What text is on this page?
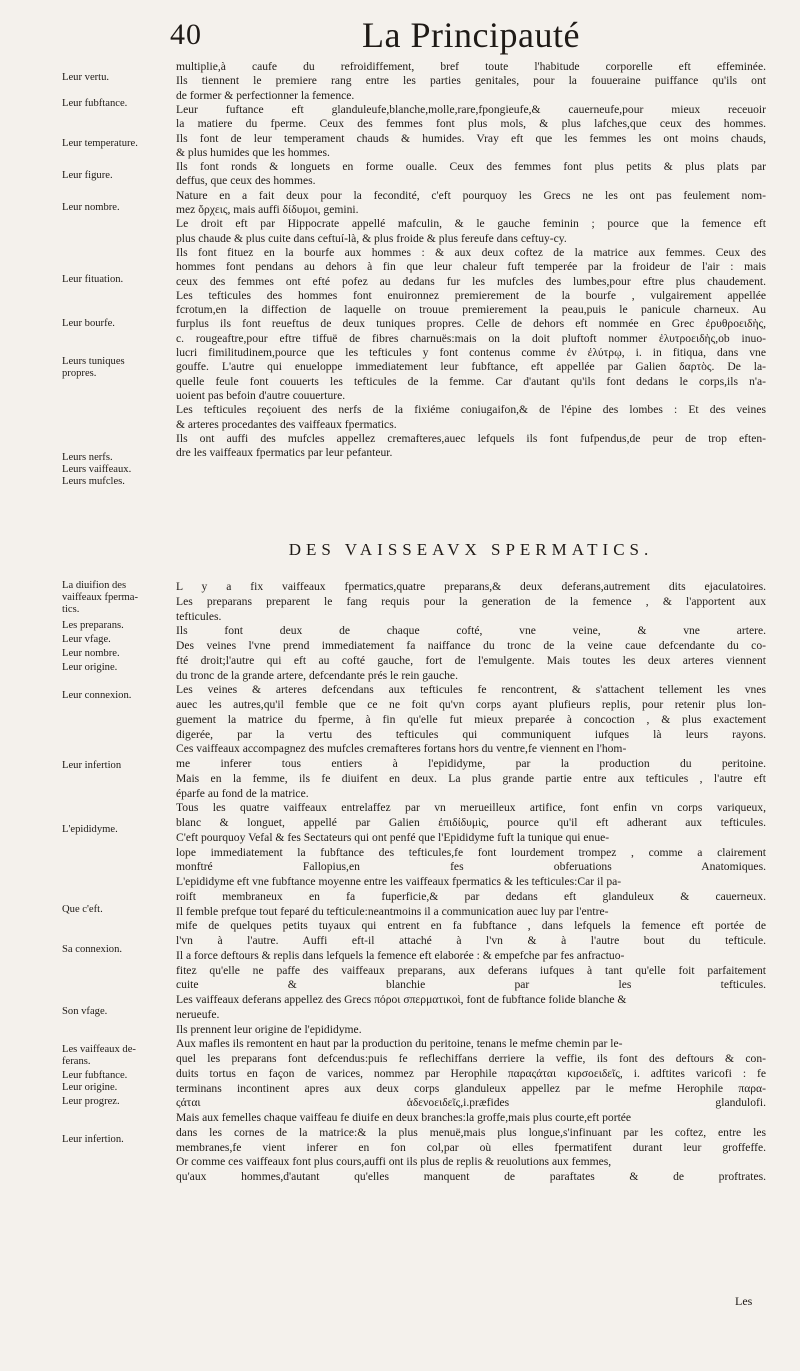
40	La Principauté
Leur vertu.
Leur fubftance.
Leur temperature.
Leur figure.
Leur nombre.
Leur fituation.
Leur bourfe.
Leurs tuniques
propres.
Leurs nerfs.
Leurs vaiffeaux.
Leurs mufcles.
La diuifion des
vaiffeaux fperma-
tics.
Les preparans.
Leur vfage.
Leur nombre.
Leur origine.
Leur connexion.
Leur infertion
L'epididyme.
Que c'eft.
Sa connexion.
Son vfage.
Les vaiffeaux de-
ferans.
Leur fubftance.
Leur origine.
Leur progrez.
Leur infertion.
multiplie,à caufe du refroidiffement, bref toute l'habitude corporelle eft effeminée.
Ils tiennent le premiere rang entre les parties genitales, pour la fouueraine puiffance qu'ils ont
de former & perfectionner la femence.
Leur fuftance eft glanduleufe,blanche,molle,rare,fpongieufe,& cauerneufe,pour mieux receuoir
la matiere du fperme. Ceux des femmes font plus mols, & plus lafches,que ceux des hommes.
Ils font de leur temperament chauds & humides. Vray eft que les femmes les ont moins chauds,
& plus humides que les hommes.
Ils font ronds & longuets en forme oualle. Ceux des femmes font plus petits & plus plats par
deffus, que ceux des hommes.
Nature en a fait deux pour la fecondité, c'eft pourquoy les Grecs ne les ont pas feulement nom-
mez ὄρχεις, mais auffi δίδυμοι, gemini.
Le droit eft par Hippocrate appellé mafculin, & le gauche feminin ; pource que la femence eft
plus chaude & plus cuite dans ceftuí-là, & plus froide & plus fereufe dans ceftuy-cy.
Ils font fituez en la bourfe aux hommes : & aux deux coftez de la matrice aux femmes. Ceux des
hommes font pendans au dehors à fin que leur chaleur fuft temperée par la froideur de l'air : mais
ceux des femmes ont efté pofez au dedans fur les mufcles des lumbes,pour eftre plus chaudement.
Les tefticules des hommes font enuironnez premierement de la bourfe , vulgairement appellée
fcrotum,en la diffection de laquelle on trouue premierement la peau,puis le panicule charneux. Au
furplus ils font reueftus de deux tuniques propres. Celle de dehors eft nommée en Grec ἐρυθροειδὴς,
c. rougeaftre,pour eftre tiffuë de fibres charnuës:mais on la doit pluftoft nommer ἐλυτροειδὴς,ob inuo-
lucri fimilitudinem,pource que les tefticules y font contenus comme ἐν ἐλύτρῳ, i. in fitiqua, dans vne
gouffe. L'autre qui enueloppe immediatement leur fubftance, eft appellée par Galien δαρτὸς. De la-
quelle feule font couuerts les tefticules de la femme. Car d'autant qu'ils font dedans le corps,ils n'a-
uoient pas befoin d'autre couuerture.
Les tefticules reçoiuent des nerfs de la fixiéme coniugaifon,& de l'épine des lombes : Et des veines
& arteres procedantes des vaiffeaux fpermatics.
Ils ont auffi des mufcles appellez cremafteres,auec lefquels ils font fufpendus,de peur de trop eften-
dre les vaiffeaux fpermatics par leur pefanteur.
DES VAISSEAVX SPERMATICS.
L y a fix vaiffeaux fpermatics,quatre preparans,& deux deferans,autrement dits ejaculatoires.
Les preparans preparent le fang requis pour la generation de la femence , & l'apportent aux
tefticules.
Ils font deux de chaque cofté, vne veine, & vne artere.
Des veines l'vne prend immediatement fa naiffance du tronc de la veine caue defcendante du co-
fté droit;l'autre qui eft au cofté gauche, fort de l'emulgente. Mais toutes les deux arteres viennent
du tronc de la grande artere, defcendante prés le rein gauche.
Les veines & arteres defcendans aux tefticules fe rencontrent, & s'attachent tellement les vnes
auec les autres,qu'il femble que ce ne foit qu'vn corps ayant plufieurs replis, pour retenir plus lon-
guement la matrice du fperme, à fin qu'elle fut mieux preparée à concoction , & plus exactement
digerée, par la vertu des tefticules qui communiquent iufques là leurs rayons.
Ces vaiffeaux accompagnez des mufcles cremafteres fortans hors du ventre,fe viennent en l'hom-
me inferer tous entiers à l'epididyme, par la production du peritoine.
Mais en la femme, ils fe diuifent en deux. La plus grande partie entre aux tefticules , l'autre eft
éparfe au fond de la matrice.
Tous les quatre vaiffeaux entrelaffez par vn merueilleux artifice, font enfin vn corps variqueux,
blanc & longuet, appellé par Galien ἐπιδίδυμὶς, pource qu'il eft adherant aux tefticules.
C'eft pourquoy Vefal & fes Sectateurs qui ont penfé que l'Epididyme fuft la tunique qui enue-
lope immediatement la fubftance des tefticules,fe font lourdement trompez , comme a clairement
monftré Fallopius,en fes obferuations Anatomiques.
L'epididyme eft vne fubftance moyenne entre les vaiffeaux fpermatics & les tefticules:Car il pa-
roift membraneux en fa fuperficie,& par dedans eft glanduleux & cauerneux.
Il femble prefque tout feparé du tefticule:neantmoins il a communication auec luy par l'entre-
mife de quelques petits tuyaux qui entrent en fa fubftance , dans lefquels la femence eft portée de
l'vn à l'autre. Auffi eft-il attaché à l'vn & à l'autre bout du tefticule.
Il a force deftours & replis dans lefquels la femence eft elaborée : & empefche par fes anfractuo-
fitez qu'elle ne paffe des vaiffeaux preparans, aux deferans iufques à tant qu'elle foit parfaitement
cuite & blanchie par les tefticules.
Les vaiffeaux deferans appellez des Grecs πόροι σπερματικοὶ, font de fubftance folide blanche &
nerueufe.
Ils prennent leur origine de l'epididyme.
Aux mafles ils remontent en haut par la production du peritoine, tenans le mefme chemin par le-
quel les preparans font defcendus:puis fe reflechiffans derriere la veffie, ils font des deftours & con-
duits tortus en façon de varices, nommez par Herophile παραςάται κιρσοειδεῖς, i. adftites varicofi : fe
terminans incontinent apres aux deux corps glanduleux appellez par le mefme Herophile παρα-
ςάται ἀδενοειδεῖς,i.præfides glandulofi.
Mais aux femelles chaque vaiffeau fe diuife en deux branches:la groffe,mais plus courte,eft portée
dans les cornes de la matrice:& la plus menuë,mais plus longue,s'infinuant par les coftez, entre les
membranes,fe vient inferer en fon col,par où elles fpermatifent durant leur groffeffe.
Or comme ces vaiffeaux font plus cours,auffi ont ils plus de replis & reuolutions aux femmes,
qu'aux hommes,d'autant qu'elles manquent de paraftates & de proftrates.
Les
